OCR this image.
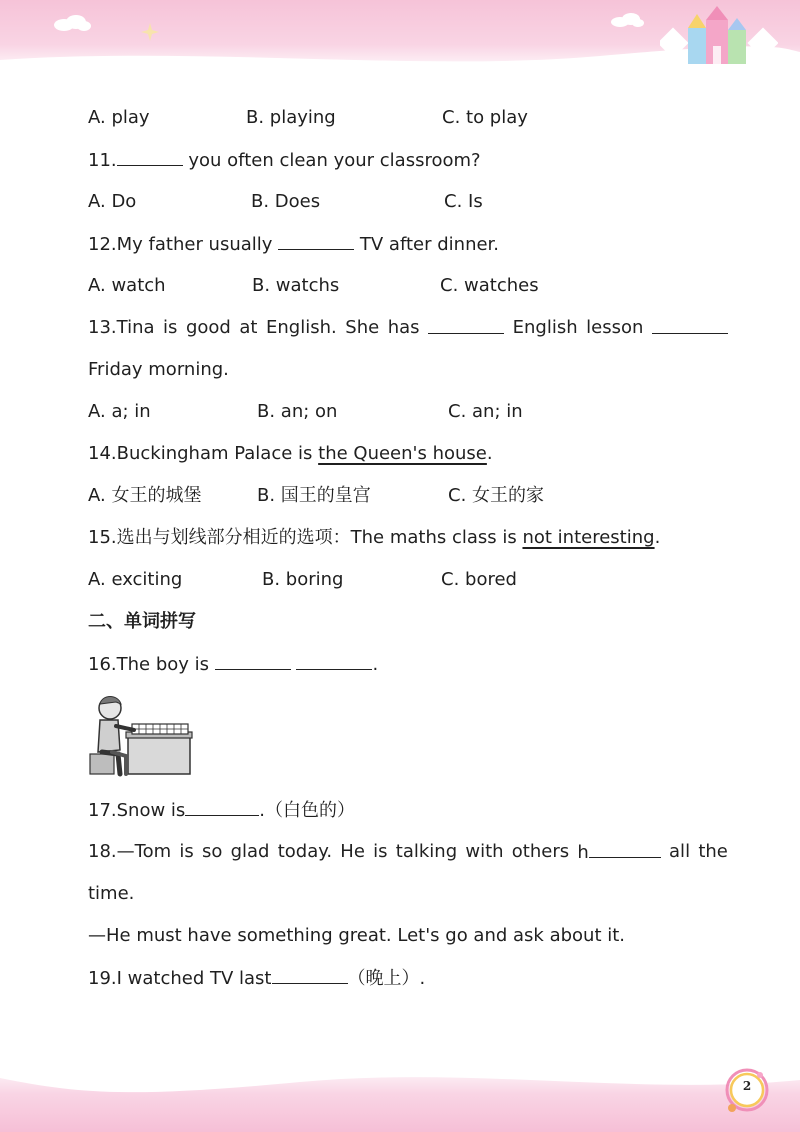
A. play	B. playing	C. to play
11.	you often clean your classroom?
A. Do	B. Does	C. Is
12.My father usually	TV after dinner.
A. watch	B. watchs	C. watches
13.Tina is good at English. She has	English lesson
Friday morning.
A. a; in	B. an; on	C. an; in
14.Buckingham Palace is the Queen's house.
A. 女王的城堡	B. 国王的皇宫	C. 女王的家
15.选出与划线部分相近的选项：The maths class is not interesting.
A. exciting	B. boring	C. bored
二、单词拼写
16.The boy is	.
17.Snow is	.（白色的）
18.—Tom is so glad today. He is talking with others h	all the
time.
—He must have something great. Let's go and ask about it.
19.I watched TV last	（晚上）.
2
